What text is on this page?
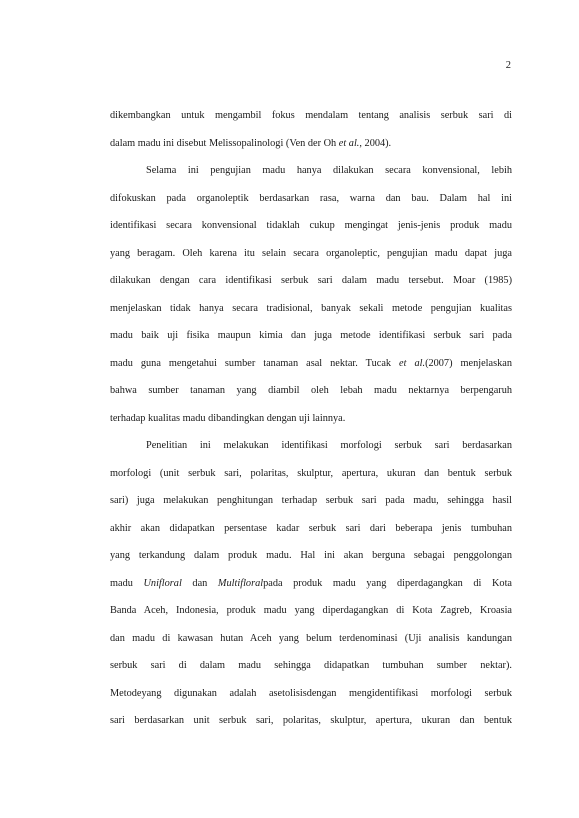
2
dikembangkan untuk mengambil fokus mendalam tentang analisis serbuk sari di
dalam madu ini disebut Melissopalinologi (Ven der Oh et al., 2004).
Selama ini pengujian madu hanya dilakukan secara konvensional, lebih
difokuskan pada organoleptik berdasarkan rasa, warna dan bau. Dalam hal ini
identifikasi secara konvensional tidaklah cukup mengingat jenis-jenis produk madu
yang beragam. Oleh karena itu selain secara organoleptic, pengujian madu dapat juga
dilakukan dengan cara identifikasi serbuk sari dalam madu tersebut. Moar (1985)
menjelaskan tidak hanya secara tradisional, banyak sekali metode pengujian kualitas
madu baik uji fisika maupun kimia dan juga metode identifikasi serbuk sari pada
madu guna mengetahui sumber tanaman asal nektar. Tucak et al.(2007) menjelaskan
bahwa sumber tanaman yang diambil oleh lebah madu nektarnya berpengaruh
terhadap kualitas madu dibandingkan dengan uji lainnya.
Penelitian ini melakukan identifikasi morfologi serbuk sari berdasarkan
morfologi (unit serbuk sari, polaritas, skulptur, apertura, ukuran dan bentuk serbuk
sari) juga melakukan penghitungan terhadap serbuk sari pada madu, sehingga hasil
akhir akan didapatkan persentase kadar serbuk sari dari beberapa jenis tumbuhan
yang terkandung dalam produk madu. Hal ini akan berguna sebagai penggolongan
madu Unifloral dan Multifloralpada produk madu yang diperdagangkan di Kota
Banda Aceh, Indonesia, produk madu yang diperdagangkan di Kota Zagreb, Kroasia
dan madu di kawasan hutan Aceh yang belum terdenominasi (Uji analisis kandungan
serbuk sari di dalam madu sehingga didapatkan tumbuhan sumber nektar).
Metodeyang digunakan adalah asetolisisdengan mengidentifikasi morfologi serbuk
sari berdasarkan unit serbuk sari, polaritas, skulptur, apertura, ukuran dan bentuk
